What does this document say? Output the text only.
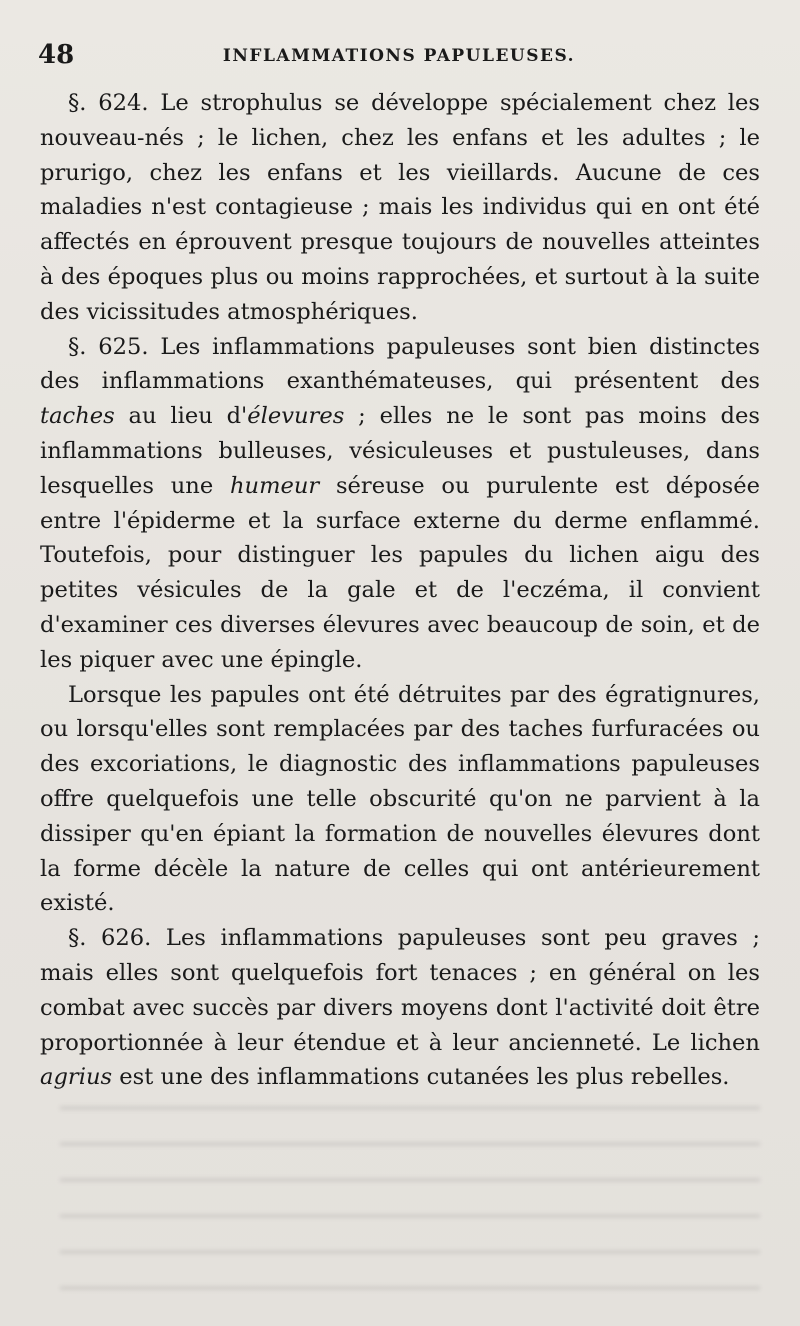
48	INFLAMMATIONS PAPULEUSES.

§. 624. Le strophulus se développe spécialement chez les nouveau-nés ; le lichen, chez les enfans et les adultes ; le prurigo, chez les enfans et les vieillards. Aucune de ces maladies n'est contagieuse ; mais les individus qui en ont été affectés en éprouvent presque toujours de nouvelles atteintes à des époques plus ou moins rapprochées, et surtout à la suite des vicissitudes atmosphériques.

§. 625. Les inflammations papuleuses sont bien distinctes des inflammations exanthémateuses, qui présentent des taches au lieu d'élevures ; elles ne le sont pas moins des inflammations bulleuses, vésiculeuses et pustuleuses, dans lesquelles une humeur séreuse ou purulente est déposée entre l'épiderme et la surface externe du derme enflammé. Toutefois, pour distinguer les papules du lichen aigu des petites vésicules de la gale et de l'eczéma, il convient d'examiner ces diverses élevures avec beaucoup de soin, et de les piquer avec une épingle.

Lorsque les papules ont été détruites par des égratignures, ou lorsqu'elles sont remplacées par des taches furfuracées ou des excoriations, le diagnostic des inflammations papuleuses offre quelquefois une telle obscurité qu'on ne parvient à la dissiper qu'en épiant la formation de nouvelles élevures dont la forme décèle la nature de celles qui ont antérieurement existé.

§. 626. Les inflammations papuleuses sont peu graves ; mais elles sont quelquefois fort tenaces ; en général on les combat avec succès par divers moyens dont l'activité doit être proportionnée à leur étendue et à leur ancienneté. Le lichen agrius est une des inflammations cutanées les plus rebelles.
